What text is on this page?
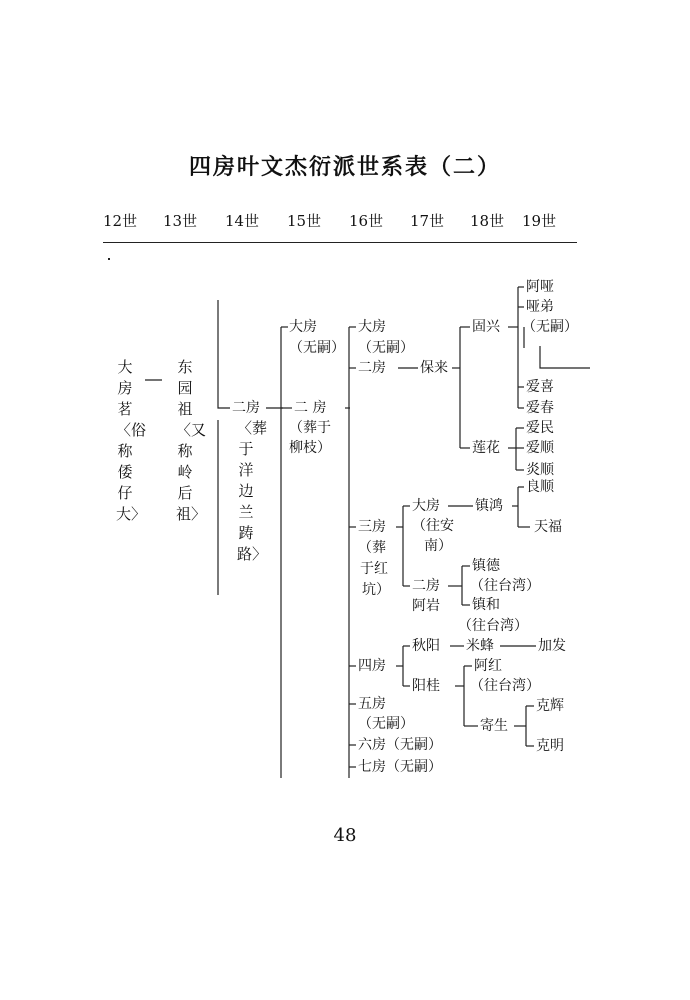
四房叶文杰衍派世系表（二）
12世 13世 14世 15世 16世 17世 18世 19世
大房茗〈俗称倭仔大〉
东园祖〈又称岭后祖〉
二房
〈葬于洋边兰踌路〉
大房
（无嗣）
二 房
（葬于
柳枝）
大房
（无嗣）
二房
三房
（葬
于红
坑）
四房
五房
（无嗣）
六房（无嗣）
七房（无嗣）
保来
大房
（往安
南）
二房
阿岩
秋阳
阳桂
固兴
莲花
镇鸿
镇德
（往台湾）
镇和
（往台湾）
米蜂
阿红
（往台湾）
寄生
阿哑
哑弟
（无嗣）
爱喜
爱春
爱民
爱顺
炎顺
良顺
天福
加发
克辉
克明
48
